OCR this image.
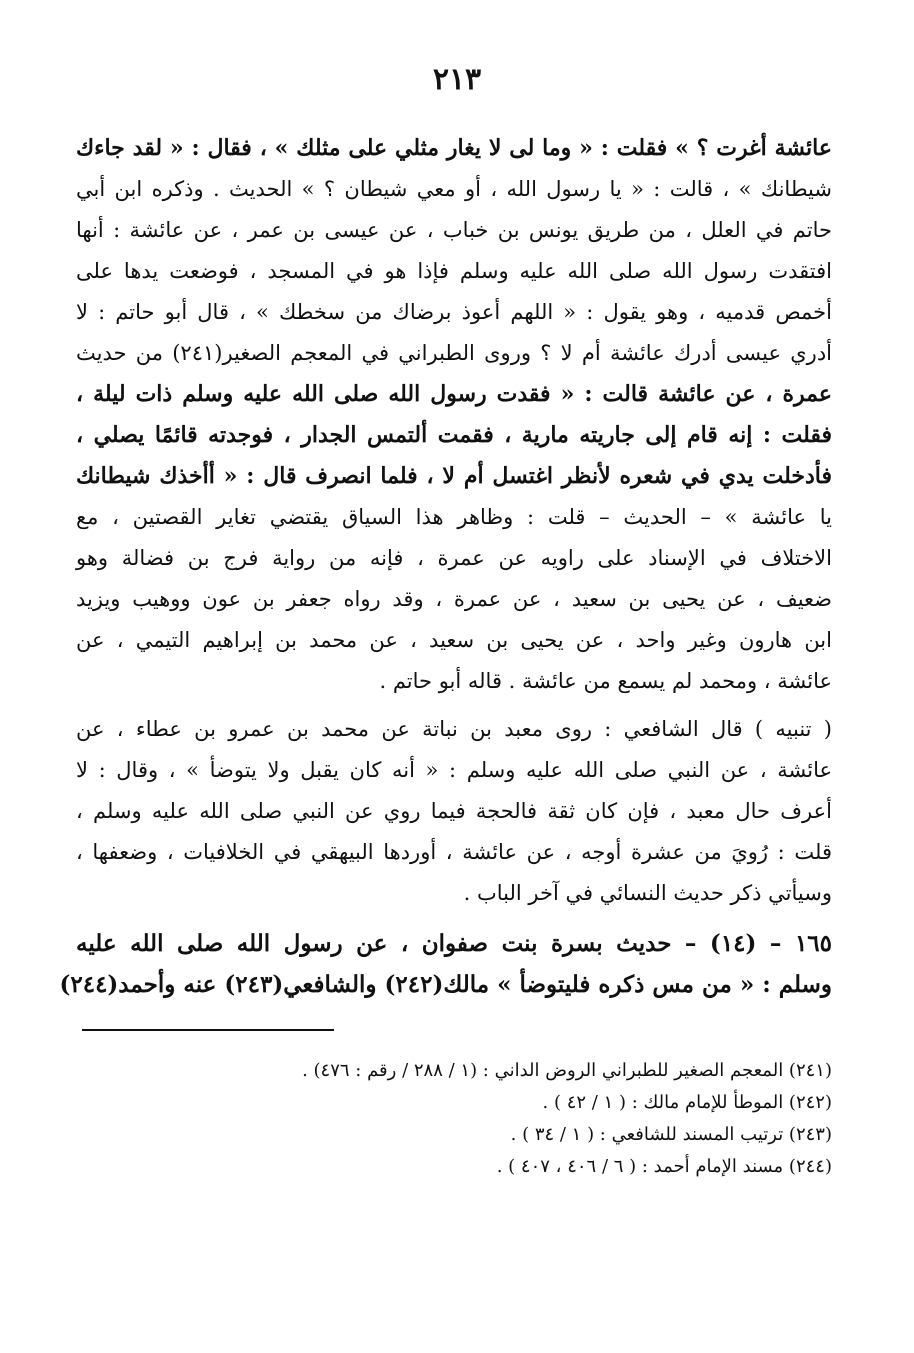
٢١٣
عائشة أغرت ؟ » فقلت : « وما لى لا يغار مثلي على مثلك » ، فقال : « لقد جاءك
شيطانك » ، قالت : « يا رسول الله ، أو معي شيطان ؟ » الحديث . وذكره ابن أبي
حاتم في العلل ، من طريق يونس بن خباب ، عن عيسى بن عمر ، عن عائشة : أنها
افتقدت رسول الله صلى الله عليه وسلم فإذا هو في المسجد ، فوضعت يدها على
أخمص قدميه ، وهو يقول : « اللهم أعوذ برضاك من سخطك » ، قال أبو حاتم : لا
أدري عيسى أدرك عائشة أم لا ؟ وروى الطبراني في المعجم الصغير(٢٤١) من حديث
عمرة ، عن عائشة قالت : « فقدت رسول الله صلى الله عليه وسلم ذات ليلة ،
فقلت : إنه قام إلى جاريته مارية ، فقمت ألتمس الجدار ، فوجدته قائمًا يصلي ،
فأدخلت يدي في شعره لأنظر اغتسل أم لا ، فلما انصرف قال : « أأخذك شيطانك
يا عائشة » – الحديث – قلت : وظاهر هذا السياق يقتضي تغاير القصتين ، مع
الاختلاف في الإسناد على راويه عن عمرة ، فإنه من رواية فرج بن فضالة وهو
ضعيف ، عن يحيى بن سعيد ، عن عمرة ، وقد رواه جعفر بن عون ووهيب ويزيد
ابن هارون وغير واحد ، عن يحيى بن سعيد ، عن محمد بن إبراهيم التيمي ، عن
عائشة ، ومحمد لم يسمع من عائشة . قاله أبو حاتم .
( تنبيه ) قال الشافعي : روى معبد بن نباتة عن محمد بن عمرو بن عطاء ، عن
عائشة ، عن النبي صلى الله عليه وسلم : « أنه كان يقبل ولا يتوضأ » ، وقال : لا
أعرف حال معبد ، فإن كان ثقة فالحجة فيما روي عن النبي صلى الله عليه وسلم ،
قلت : رُويَ من عشرة أوجه ، عن عائشة ، أوردها البيهقي في الخلافيات ، وضعفها ،
وسيأتي ذكر حديث النسائي في آخر الباب .
١٦٥ – (١٤) – حديث بسرة بنت صفوان ، عن رسول الله صلى الله عليه
وسلم : « من مس ذكره فليتوضأ » مالك(٢٤٢) والشافعي(٢٤٣) عنه وأحمد(٢٤٤)
(٢٤١) المعجم الصغير للطبراني الروض الداني : (١ / ٢٨٨ / رقم : ٤٧٦) .
(٢٤٢) الموطأ للإمام مالك : ( ١ / ٤٢ ) .
(٢٤٣) ترتيب المسند للشافعي : ( ١ / ٣٤ ) .
(٢٤٤) مسند الإمام أحمد : ( ٦ / ٤٠٦ ، ٤٠٧ ) .
